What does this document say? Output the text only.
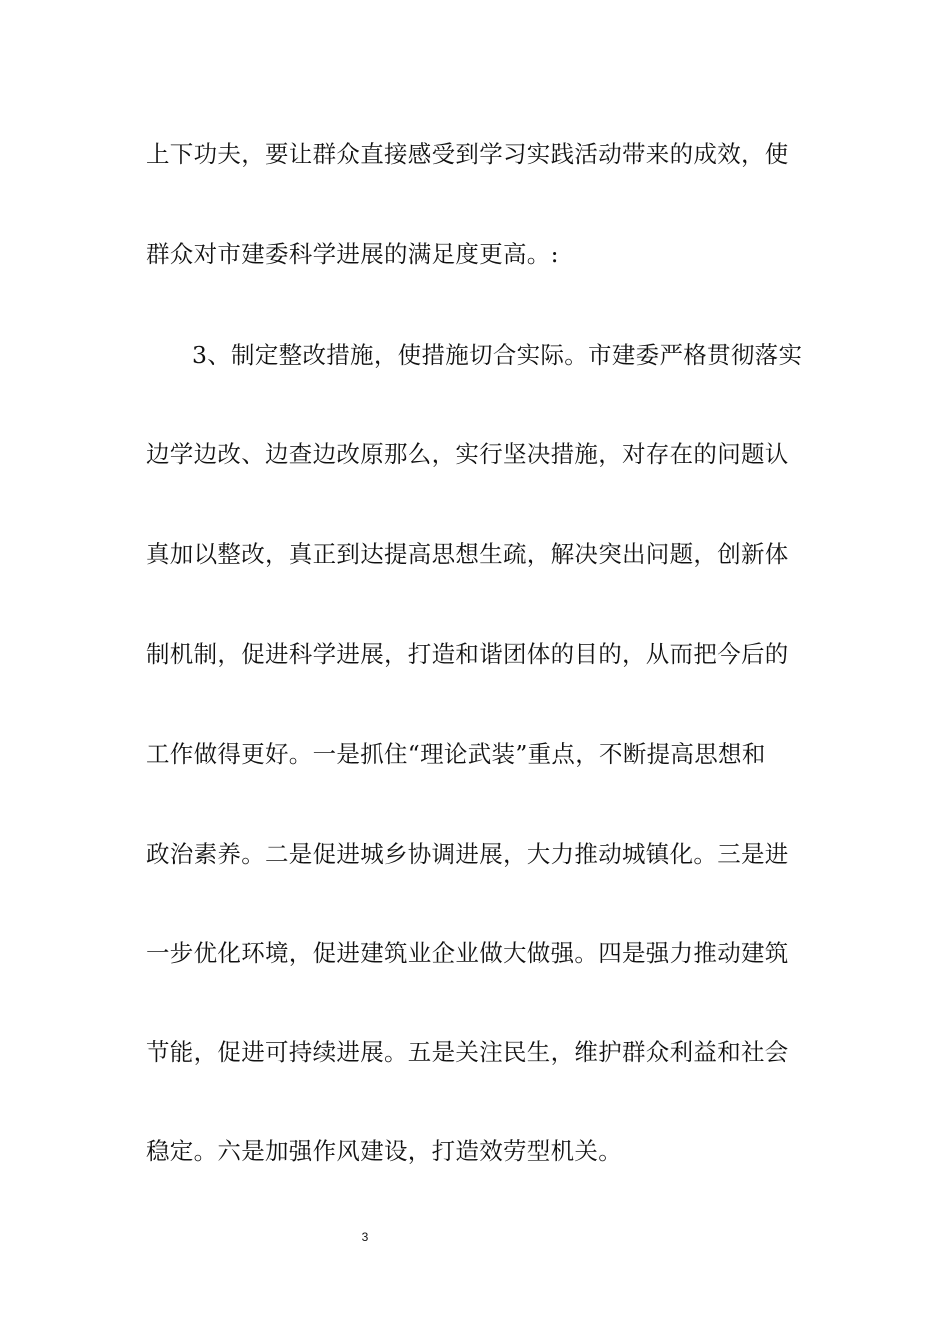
上下功夫，要让群众直接感受到学习实践活动带来的成效，使
群众对市建委科学进展的满足度更高。:
3、制定整改措施，使措施切合实际。市建委严格贯彻落实
边学边改、边查边改原那么，实行坚决措施，对存在的问题认
真加以整改，真正到达提高思想生疏，解决突出问题，创新体
制机制，促进科学进展，打造和谐团体的目的，从而把今后的
工作做得更好。一是抓住“理论武装”重点，不断提高思想和
政治素养。二是促进城乡协调进展，大力推动城镇化。三是进
一步优化环境，促进建筑业企业做大做强。四是强力推动建筑
节能，促进可持续进展。五是关注民生，维护群众利益和社会
稳定。六是加强作风建设，打造效劳型机关。
3
